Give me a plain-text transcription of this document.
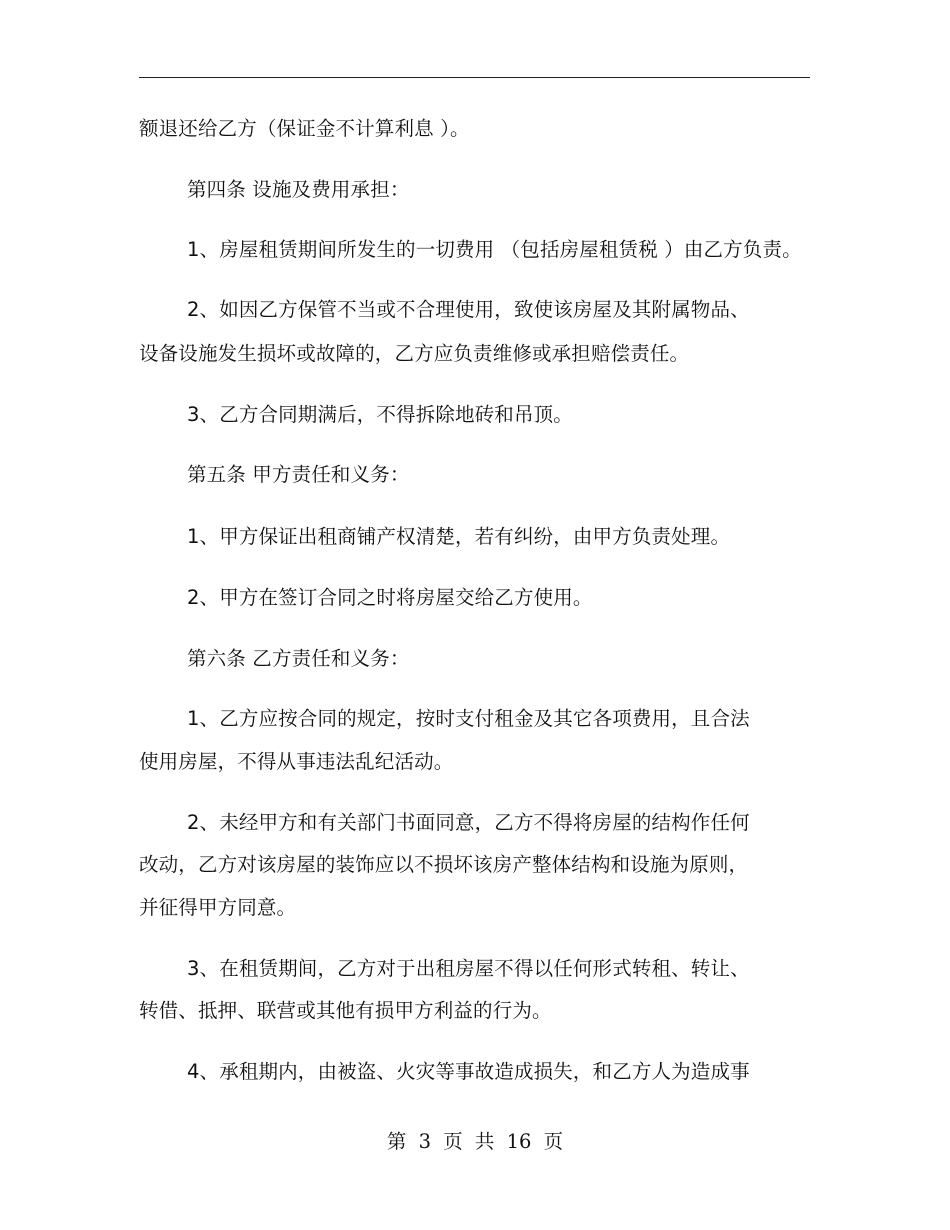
额退还给乙方（保证金不计算利息 ）。
第四条 设施及费用承担：
1、房屋租赁期间所发生的一切费用 （包括房屋租赁税 ）由乙方负责。
2、如因乙方保管不当或不合理使用，致使该房屋及其附属物品、
设备设施发生损坏或故障的，乙方应负责维修或承担赔偿责任。
3、乙方合同期满后，不得拆除地砖和吊顶。
第五条 甲方责任和义务：
1、甲方保证出租商铺产权清楚，若有纠纷，由甲方负责处理。
2、甲方在签订合同之时将房屋交给乙方使用。
第六条 乙方责任和义务：
1、乙方应按合同的规定，按时支付租金及其它各项费用，且合法
使用房屋，不得从事违法乱纪活动。
2、未经甲方和有关部门书面同意，乙方不得将房屋的结构作任何
改动，乙方对该房屋的装饰应以不损坏该房产整体结构和设施为原则，
并征得甲方同意。
3、在租赁期间，乙方对于出租房屋不得以任何形式转租、转让、
转借、抵押、联营或其他有损甲方利益的行为。
4、承租期内，由被盗、火灾等事故造成损失，和乙方人为造成事
第 3 页 共 16 页
